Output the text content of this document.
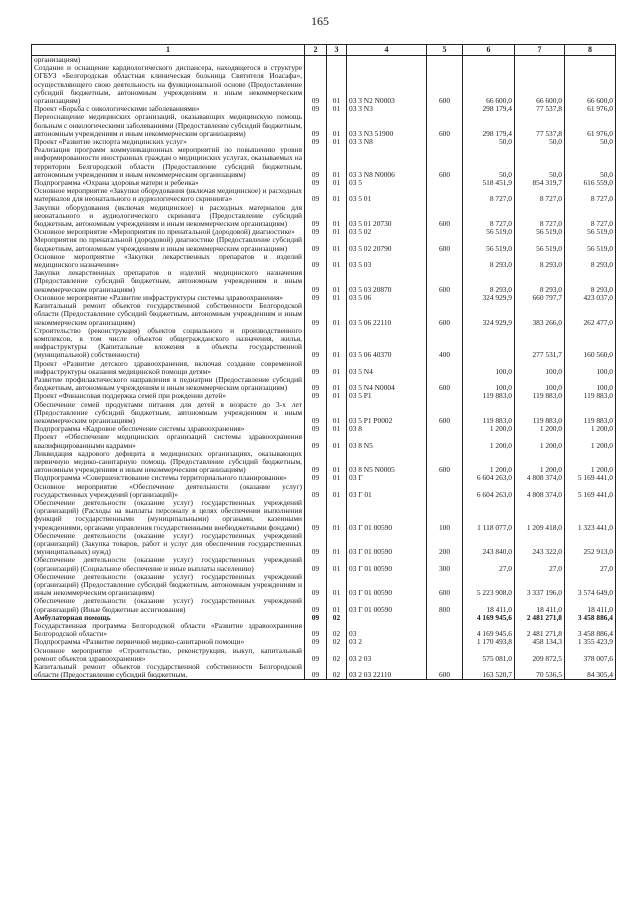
165
1	2	3	4	5	6	7	8
организациям)							
Создание и оснащение кардиологического диспансера, находящегося в структуре ОГБУЗ «Белгородская областная клиническая больница Святителя Иоасафа», осуществляющего свою деятельность на функциональной основе (Предоставление субсидий бюджетным, автономным учреждениям и иным некоммерческим организациям)	09	01	03 3 N2 N0003	600	66 600,0	66 600,0	66 600,0
Проект «Борьба с онкологическими заболеваниями»	09	01	03 3 N3		298 179,4	77 537,8	61 976,0
Переоснащение медицинских организаций, оказывающих медицинскую помощь больным с онкологическими заболеваниями (Предоставление субсидий бюджетным, автономным учреждениям и иным некоммерческим организациям)	09	01	03 3 N3 51900	600	298 179,4	77 537,8	61 976,0
Проект «Развитие экспорта медицинских услуг»	09	01	03 3 N8		50,0	50,0	50,0
Реализация программ коммуникационных мероприятий по повышению уровня информированности иностранных граждан о медицинских услугах, оказываемых на территории Белгородской области (Предоставление субсидий бюджетным, автономным учреждениям и иным некоммерческим организациям)	09	01	03 3 N8 N0006	600	50,0	50,0	50,0
Подпрограмма «Охрана здоровья матери и ребенка»	09	01	03 5		518 451,9	854 319,7	616 559,0
Основное мероприятие «Закупки оборудования (включая медицинское) и расходных материалов для неонатального и аудиологического скрининга»	09	01	03 5 01		8 727,0	8 727,0	8 727,0
Закупки оборудования (включая медицинское) и расходных материалов для неонатального и аудиологического скрининга (Предоставление субсидий бюджетным, автономным учреждениям и иным некоммерческим организациям)	09	01	03 5 01 20730	600	8 727,0	8 727,0	8 727,0
Основное мероприятие «Мероприятия по пренатальной (дородовой) диагностике»	09	01	03 5 02		56 519,0	56 519,0	56 519,0
Мероприятия по пренатальной (дородовой) диагностике (Предоставление субсидий бюджетным, автономным учреждениям и иным некоммерческим организациям)	09	01	03 5 02 20790	600	56 519,0	56 519,0	56 519,0
Основное мероприятие «Закупки лекарственных препаратов и изделий медицинского назначения»	09	01	03 5 03		8 293,0	8 293,0	8 293,0
Закупки лекарственных препаратов и изделий медицинского назначения (Предоставление субсидий бюджетным, автономным учреждениям и иным некоммерческим организациям)	09	01	03 5 03 20870	600	8 293,0	8 293,0	8 293,0
Основное мероприятие «Развитие инфраструктуры системы здравоохранения»	09	01	03 5 06		324 929,9	660 797,7	423 037,0
Капитальный ремонт объектов государственной собственности Белгородской области (Предоставление субсидий бюджетным, автономным учреждениям и иным некоммерческим организациям)	09	01	03 5 06 22110	600	324 929,9	383 266,0	262 477,0
Строительство (реконструкция) объектов социального и производственного комплексов, в том числе объектов общегражданского назначения, жилья, инфраструктуры (Капитальные вложения в объекты государственной (муниципальной) собственности)	09	01	03 5 06 40370	400		277 531,7	160 560,0
Проект «Развитие детского здравоохранения, включая создание современной инфраструктуры оказания медицинской помощи детям»	09	01	03 5 N4		100,0	100,0	100,0
Развитие профилактического направления в педиатрии (Предоставление субсидий бюджетным, автономным учреждениям и иным некоммерческим организациям)	09	01	03 5 N4 N0004	600	100,0	100,0	100,0
Проект «Финансовая поддержка семей при рождении детей»	09	01	03 5 P1		119 883,0	119 883,0	119 883,0
Обеспечение семей продуктами питания для детей в возрасте до 3-х лет (Предоставление субсидий бюджетным, автономным учреждениям и иным некоммерческим организациям)	09	01	03 5 P1 P0002	600	119 883,0	119 883,0	119 883,0
Подпрограмма «Кадровое обеспечение системы здравоохранения»	09	01	03 8		1 200,0	1 200,0	1 200,0
Проект «Обеспечение медицинских организаций системы здравоохранения квалифицированными кадрами»	09	01	03 8 N5		1 200,0	1 200,0	1 200,0
Ликвидация кадрового дефицита в медицинских организациях, оказывающих первичную медико-санитарную помощь (Предоставление субсидий бюджетным, автономным учреждениям и иным некоммерческим организациям)	09	01	03 8 N5 N0005	600	1 200,0	1 200,0	1 200,0
Подпрограмма «Совершенствование системы территориального планирования»	09	01	03 Г		6 604 263,0	4 808 374,0	5 169 441,0
Основное мероприятие «Обеспечение деятельности (оказание услуг) государственных учреждений (организаций)»	09	01	03 Г 01		6 604 263,0	4 808 374,0	5 169 441,0
Обеспечение деятельности (оказание услуг) государственных учреждений (организаций) (Расходы на выплаты персоналу в целях обеспечения выполнения функций государственными (муниципальными) органами, казенными учреждениями, органами управления государственными внебюджетными фондами)	09	01	03 Г 01 00590	100	1 118 077,0	1 209 418,0	1 323 441,0
Обеспечение деятельности (оказание услуг) государственных учреждений (организаций) (Закупка товаров, работ и услуг для обеспечения государственных (муниципальных) нужд)	09	01	03 Г 01 00590	200	243 840,0	243 322,0	252 913,0
Обеспечение деятельности (оказание услуг) государственных учреждений (организаций) (Социальное обеспечение и иные выплаты населению)	09	01	03 Г 01 00590	300	27,0	27,0	27,0
Обеспечение деятельности (оказание услуг) государственных учреждений (организаций) (Предоставление субсидий бюджетным, автономным учреждениям и иным некоммерческим организациям)	09	01	03 Г 01 00590	600	5 223 908,0	3 337 196,0	3 574 649,0
Обеспечение деятельности (оказание услуг) государственных учреждений (организаций) (Иные бюджетные ассигнования)	09	01	03 Г 01 00590	800	18 411,0	18 411,0	18 411,0
Амбулаторная помощь	09	02			4 169 945,6	2 481 271,8	3 458 886,4
Государственная программа Белгородской области «Развитие здравоохранения Белгородской области»	09	02	03		4 169 945,6	2 481 271,8	3 458 886,4
Подпрограмма «Развитие первичной медико-санитарной помощи»	09	02	03 2		1 170 493,8	458 134,3	1 355 423,9
Основное мероприятие «Строительство, реконструкция, выкуп, капитальный ремонт объектов здравоохранения»	09	02	03 2 03		575 081,0	209 872,5	378 007,6
Капитальный ремонт объектов государственной собственности Белгородской области (Предоставление субсидий бюджетным,	09	02	03 2 03 22110	600	163 520,7	70 536,5	84 305,4
